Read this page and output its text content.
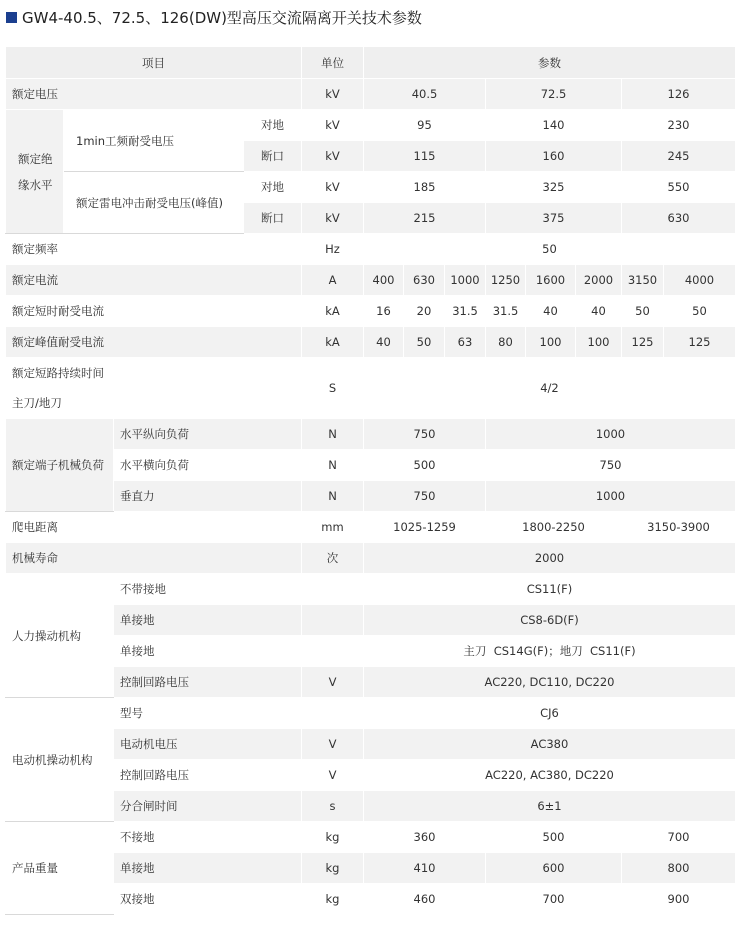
GW4-40.5、72.5、126(DW)型高压交流隔离开关技术参数
项目				单位	参数							
额定电压				kV	40.5			72.5			126	

额定绝
缘水平	1min工频耐受电压		对地	kV	95			140			230	
			断口	kV	115			160			245	
	额定雷电冲击耐受电压(峰值)		对地	kV	185			325			550	
			断口	kV	215			375			630	
额定频率				Hz	50							
额定电流				A	400	630	1000	1250	1600	2000	3150	4000
额定短时耐受电流				kA	16	20	31.5	31.5	40	40	50	50
额定峰值耐受电流				kA	40	50	63	80	100	100	125	125

额定短路持续时间
主刀/地刀				S	4/2							
额定端子机械负荷		水平纵向负荷		N	750			1000				
		水平横向负荷		N	500			750				
		垂直力		N	750			1000				
爬电距离				mm	1025-1259			1800-2250			3150-3900	
机械寿命				次	2000							
人力操动机构		不带接地			CS11(F)							
		单接地			CS8-6D(F)							
		单接地			主刀  CS14G(F)；地刀  CS11(F)							
		控制回路电压		V	AC220, DC110, DC220							
电动机操动机构		型号			CJ6							
		电动机电压		V	AC380							
		控制回路电压		V	AC220, AC380, DC220							
		分合闸时间		s	6±1							
产品重量		不接地		kg	360			500			700	
		单接地		kg	410			600			800	
		双接地		kg	460			700			900	
